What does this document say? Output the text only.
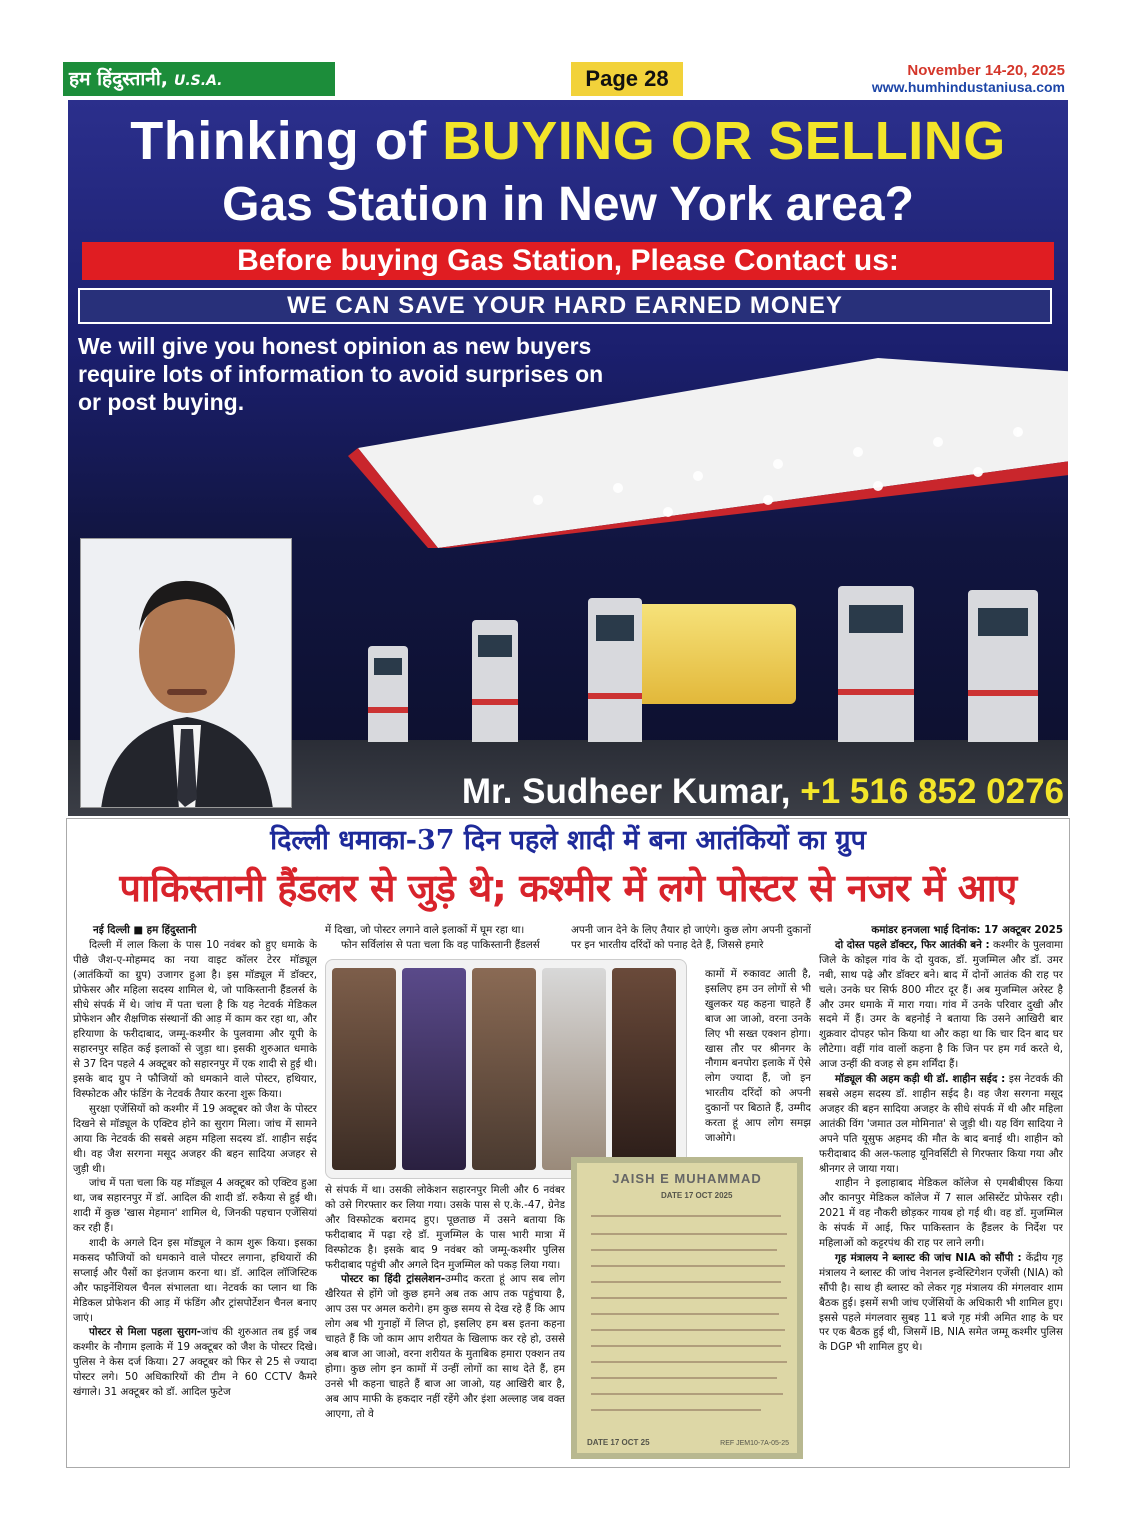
हम हिंदुस्तानी, U.S.A.	Page 28	November 14-20, 2025
www.humhindustaniusa.com
Thinking of BUYING OR SELLING
Gas Station in New York area?
Before buying Gas Station, Please Contact us:
WE CAN SAVE YOUR HARD EARNED MONEY
We will give you honest opinion as new buyers require lots of information to avoid surprises on or post buying.
Mr. Sudheer Kumar, +1 516 852 0276
दिल्ली धमाका-37 दिन पहले शादी में बना आतंकियों का ग्रुप
पाकिस्तानी हैंडलर से जुड़े थे; कश्मीर में लगे पोस्टर से नजर में आए

नई दिल्ली ■ हम हिंदुस्तानी

दिल्ली में लाल किला के पास 10 नवंबर को हुए धमाके के पीछे जैश-ए-मोहम्मद का नया वाइट कॉलर टेरर मॉड्यूल (आतंकियों का ग्रुप) उजागर हुआ है। इस मॉड्यूल में डॉक्टर, प्रोफेसर और महिला सदस्य शामिल थे, जो पाकिस्तानी हैंडलर्स के सीधे संपर्क में थे। जांच में पता चला है कि यह नेटवर्क मेडिकल प्रोफेशन और शैक्षणिक संस्थानों की आड़ में काम कर रहा था, और हरियाणा के फरीदाबाद, जम्मू-कश्मीर के पुलवामा और यूपी के सहारनपुर सहित कई इलाकों से जुड़ा था। इसकी शुरुआत धमाके से 37 दिन पहले 4 अक्टूबर को सहारनपुर में एक शादी से हुई थी। इसके बाद ग्रुप ने फौजियों को धमकाने वाले पोस्टर, हथियार, विस्फोटक और फंडिंग के नेटवर्क तैयार करना शुरू किया।

सुरक्षा एजेंसियों को कश्मीर में 19 अक्टूबर को जैश के पोस्टर दिखने से मॉड्यूल के एक्टिव होने का सुराग मिला। जांच में सामने आया कि नेटवर्क की सबसे अहम महिला सदस्य डॉ. शाहीन सईद थी। वह जैश सरगना मसूद अजहर की बहन सादिया अजहर से जुड़ी थी।

जांच में पता चला कि यह मॉड्यूल 4 अक्टूबर को एक्टिव हुआ था, जब सहारनपुर में डॉ. आदिल की शादी डॉ. रुकैया से हुई थी। शादी में कुछ 'खास मेहमान' शामिल थे, जिनकी पहचान एजेंसियां कर रही हैं।

शादी के अगले दिन इस मॉड्यूल ने काम शुरू किया। इसका मकसद फौजियों को धमकाने वाले पोस्टर लगाना, हथियारों की सप्लाई और पैसों का इंतजाम करना था। डॉ. आदिल लॉजिस्टिक और फाइनेंशियल चैनल संभालता था। नेटवर्क का प्लान था कि मेडिकल प्रोफेशन की आड़ में फंडिंग और ट्रांसपोर्टेशन चैनल बनाए जाएं।

पोस्टर से मिला पहला सुराग-जांच की शुरुआत तब हुई जब कश्मीर के नौगाम इलाके में 19 अक्टूबर को जैश के पोस्टर दिखे। पुलिस ने केस दर्ज किया। 27 अक्टूबर को फिर से 25 से ज्यादा पोस्टर लगे। 50 अधिकारियों की टीम ने 60 CCTV कैमरे खंगाले। 31 अक्टूबर को डॉ. आदिल फुटेज

में दिखा, जो पोस्टर लगाने वाले इलाकों में घूम रहा था।

फोन सर्विलांस से पता चला कि वह पाकिस्तानी हैंडलर्स

से संपर्क में था। उसकी लोकेशन सहारनपुर मिली और 6 नवंबर को उसे गिरफ्तार कर लिया गया। उसके पास से ए.के.-47, ग्रेनेड और विस्फोटक बरामद हुए। पूछताछ में उसने बताया कि फरीदाबाद में पढ़ा रहे डॉ. मुजम्मिल के पास भारी मात्रा में विस्फोटक है। इसके बाद 9 नवंबर को जम्मू-कश्मीर पुलिस फरीदाबाद पहुंची और अगले दिन मुजम्मिल को पकड़ लिया गया।

पोस्टर का हिंदी ट्रांसलेशन-उम्मीद करता हूं आप सब लोग खैरियत से होंगे जो कुछ हमने अब तक आप तक पहुंचाया है, आप उस पर अमल करोगे। हम कुछ समय से देख रहे हैं कि आप लोग अब भी गुनाहों में लिप्त हो, इसलिए हम बस इतना कहना चाहते हैं कि जो काम आप शरीयत के खिलाफ कर रहे हो, उससे अब बाज आ जाओ, वरना शरीयत के मुताबिक हमारा एक्शन तय होगा। कुछ लोग इन कामों में उन्हीं लोगों का साथ देते हैं, हम उनसे भी कहना चाहते हैं बाज आ जाओ, यह आखिरी बार है, अब आप माफी के हकदार नहीं रहेंगे और इंशा अल्लाह जब वक्त आएगा, तो वे

अपनी जान देने के लिए तैयार हो जाएंगे। कुछ लोग अपनी दुकानों पर इन भारतीय दरिंदों को पनाह देते हैं, जिससे हमारे

कामों में रुकावट आती है, इसलिए हम उन लोगों से भी खुलकर यह कहना चाहते हैं बाज आ जाओ, वरना उनके लिए भी सख्त एक्शन होगा। खास तौर पर श्रीनगर के नौगाम बनपोरा इलाके में ऐसे लोग ज्यादा हैं, जो इन भारतीय दरिंदों को अपनी दुकानों पर बिठाते हैं, उम्मीद करता हूं आप लोग समझ जाओगे।

JAISH E MUHAMMAD
DATE 17 OCT 2025
DATE 17 OCT 25	REF JEM10-7A-05-25

कमांडर हनजला भाई दिनांक: 17 अक्टूबर 2025

दो दोस्त पहले डॉक्टर, फिर आतंकी बने : कश्मीर के पुलवामा जिले के कोइल गांव के दो युवक, डॉ. मुजम्मिल और डॉ. उमर नबी, साथ पढ़े और डॉक्टर बने। बाद में दोनों आतंक की राह पर चले। उनके घर सिर्फ 800 मीटर दूर हैं। अब मुजम्मिल अरेस्ट है और उमर धमाके में मारा गया। गांव में उनके परिवार दुखी और सदमे में हैं। उमर के बहनोई ने बताया कि उसने आखिरी बार शुक्रवार दोपहर फोन किया था और कहा था कि चार दिन बाद घर लौटेगा। वहीं गांव वालों कहना है कि जिन पर हम गर्व करते थे, आज उन्हीं की वजह से हम शर्मिंदा हैं।

मॉड्यूल की अहम कड़ी थी डॉ. शाहीन सईद : इस नेटवर्क की सबसे अहम सदस्य डॉ. शाहीन सईद है। वह जैश सरगना मसूद अजहर की बहन सादिया अजहर के सीधे संपर्क में थी और महिला आतंकी विंग 'जमात उल मोमिनात' से जुड़ी थी। यह विंग सादिया ने अपने पति यूसुफ अहमद की मौत के बाद बनाई थी। शाहीन को फरीदाबाद की अल-फलाह यूनिवर्सिटी से गिरफ्तार किया गया और श्रीनगर ले जाया गया।

शाहीन ने इलाहाबाद मेडिकल कॉलेज से एमबीबीएस किया और कानपुर मेडिकल कॉलेज में 7 साल असिस्टेंट प्रोफेसर रही। 2021 में वह नौकरी छोड़कर गायब हो गई थी। वह डॉ. मुजम्मिल के संपर्क में आई, फिर पाकिस्तान के हैंडलर के निर्देश पर महिलाओं को कट्टरपंथ की राह पर लाने लगी।

गृह मंत्रालय ने ब्लास्ट की जांच NIA को सौंपी : केंद्रीय गृह मंत्रालय ने ब्लास्ट की जांच नेशनल इन्वेस्टिगेशन एजेंसी (NIA) को सौंपी है। साथ ही ब्लास्ट को लेकर गृह मंत्रालय की मंगलवार शाम बैठक हुई। इसमें सभी जांच एजेंसियों के अधिकारी भी शामिल हुए। इससे पहले मंगलवार सुबह 11 बजे गृह मंत्री अमित शाह के घर पर एक बैठक हुई थी, जिसमें IB, NIA समेत जम्मू कश्मीर पुलिस के DGP भी शामिल हुए थे।
